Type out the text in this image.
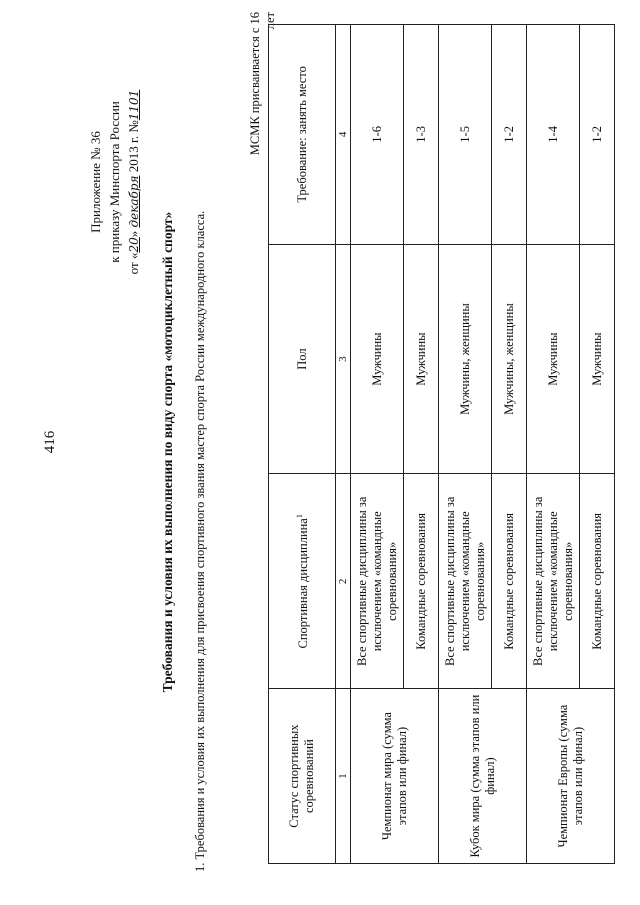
416
Приложение № 36 к приказу Минспорта России
от «20» декабря 2013 г. №1101
Требования и условия их выполнения по виду спорта «мотоциклетный спорт» 1. Требования и условия их выполнения для присвоения спортивного звания мастер спорта России международного класса.
МСМК присваивается с 16 лет
Статус спортивных соревнований	Спортивная дисциплина$^1$	Пол	Требование: занять место
1	2	3	4
Чемпионат мира (сумма этапов или финал)	Все спортивные дисциплины за исключением «командные соревнования»	Мужчины	1-6
	Командные соревнования	Мужчины	1-3
Кубок мира (сумма этапов или финал)	Все спортивные дисциплины за исключением «командные соревнования»	Мужчины, женщины	1-5
	Командные соревнования	Мужчины, женщины	1-2
Чемпионат Европы (сумма этапов или финал)	Все спортивные дисциплины за исключением «командные соревнования»	Мужчины	1-4
	Командные соревнования	Мужчины	1-2
